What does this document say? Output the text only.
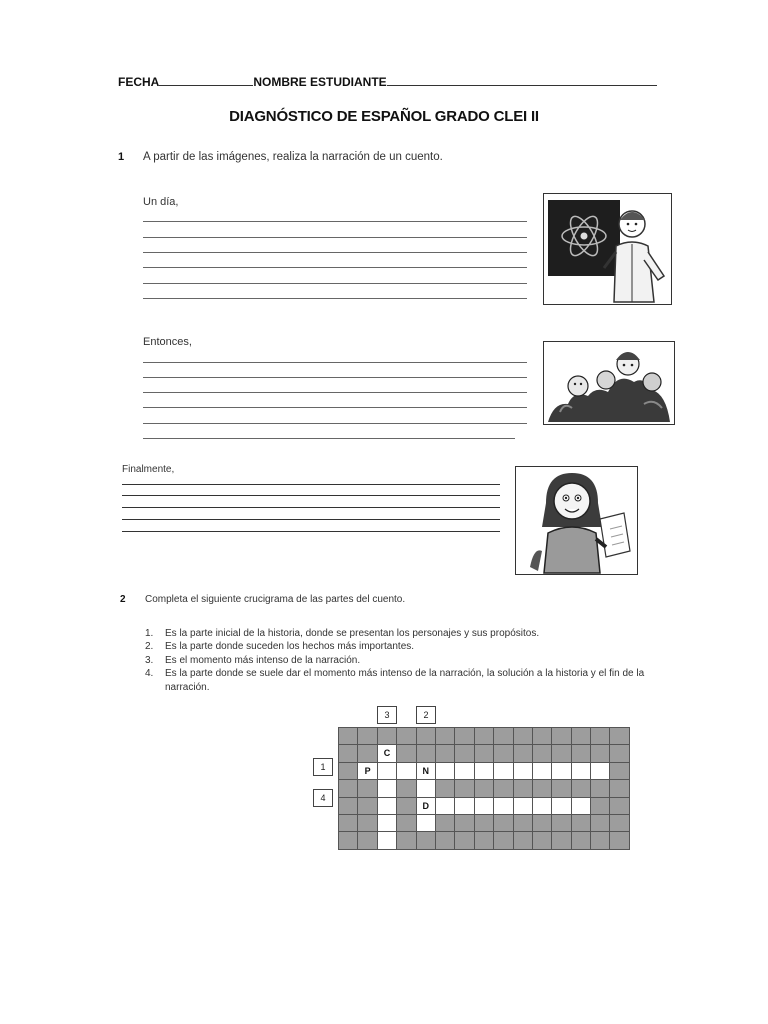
FECHA	NOMBRE ESTUDIANTE
DIAGNÓSTICO DE ESPAÑOL GRADO CLEI II
1 A partir de las imágenes, realiza la narración de un cuento.
Un día,
Entonces,
Finalmente,
2 Completa el siguiente crucigrama de las partes del cuento.
1.	Es la parte inicial de la historia, donde se presentan los personajes y sus propósitos.
2.	Es la parte donde suceden los hechos más importantes.
3.	Es el momento más intenso de la narración.
4.	Es la parte donde se suele dar el momento más intenso de la narración, la solución a la historia y el fin de la narración.
3	2
1
4
C
P	N
D
